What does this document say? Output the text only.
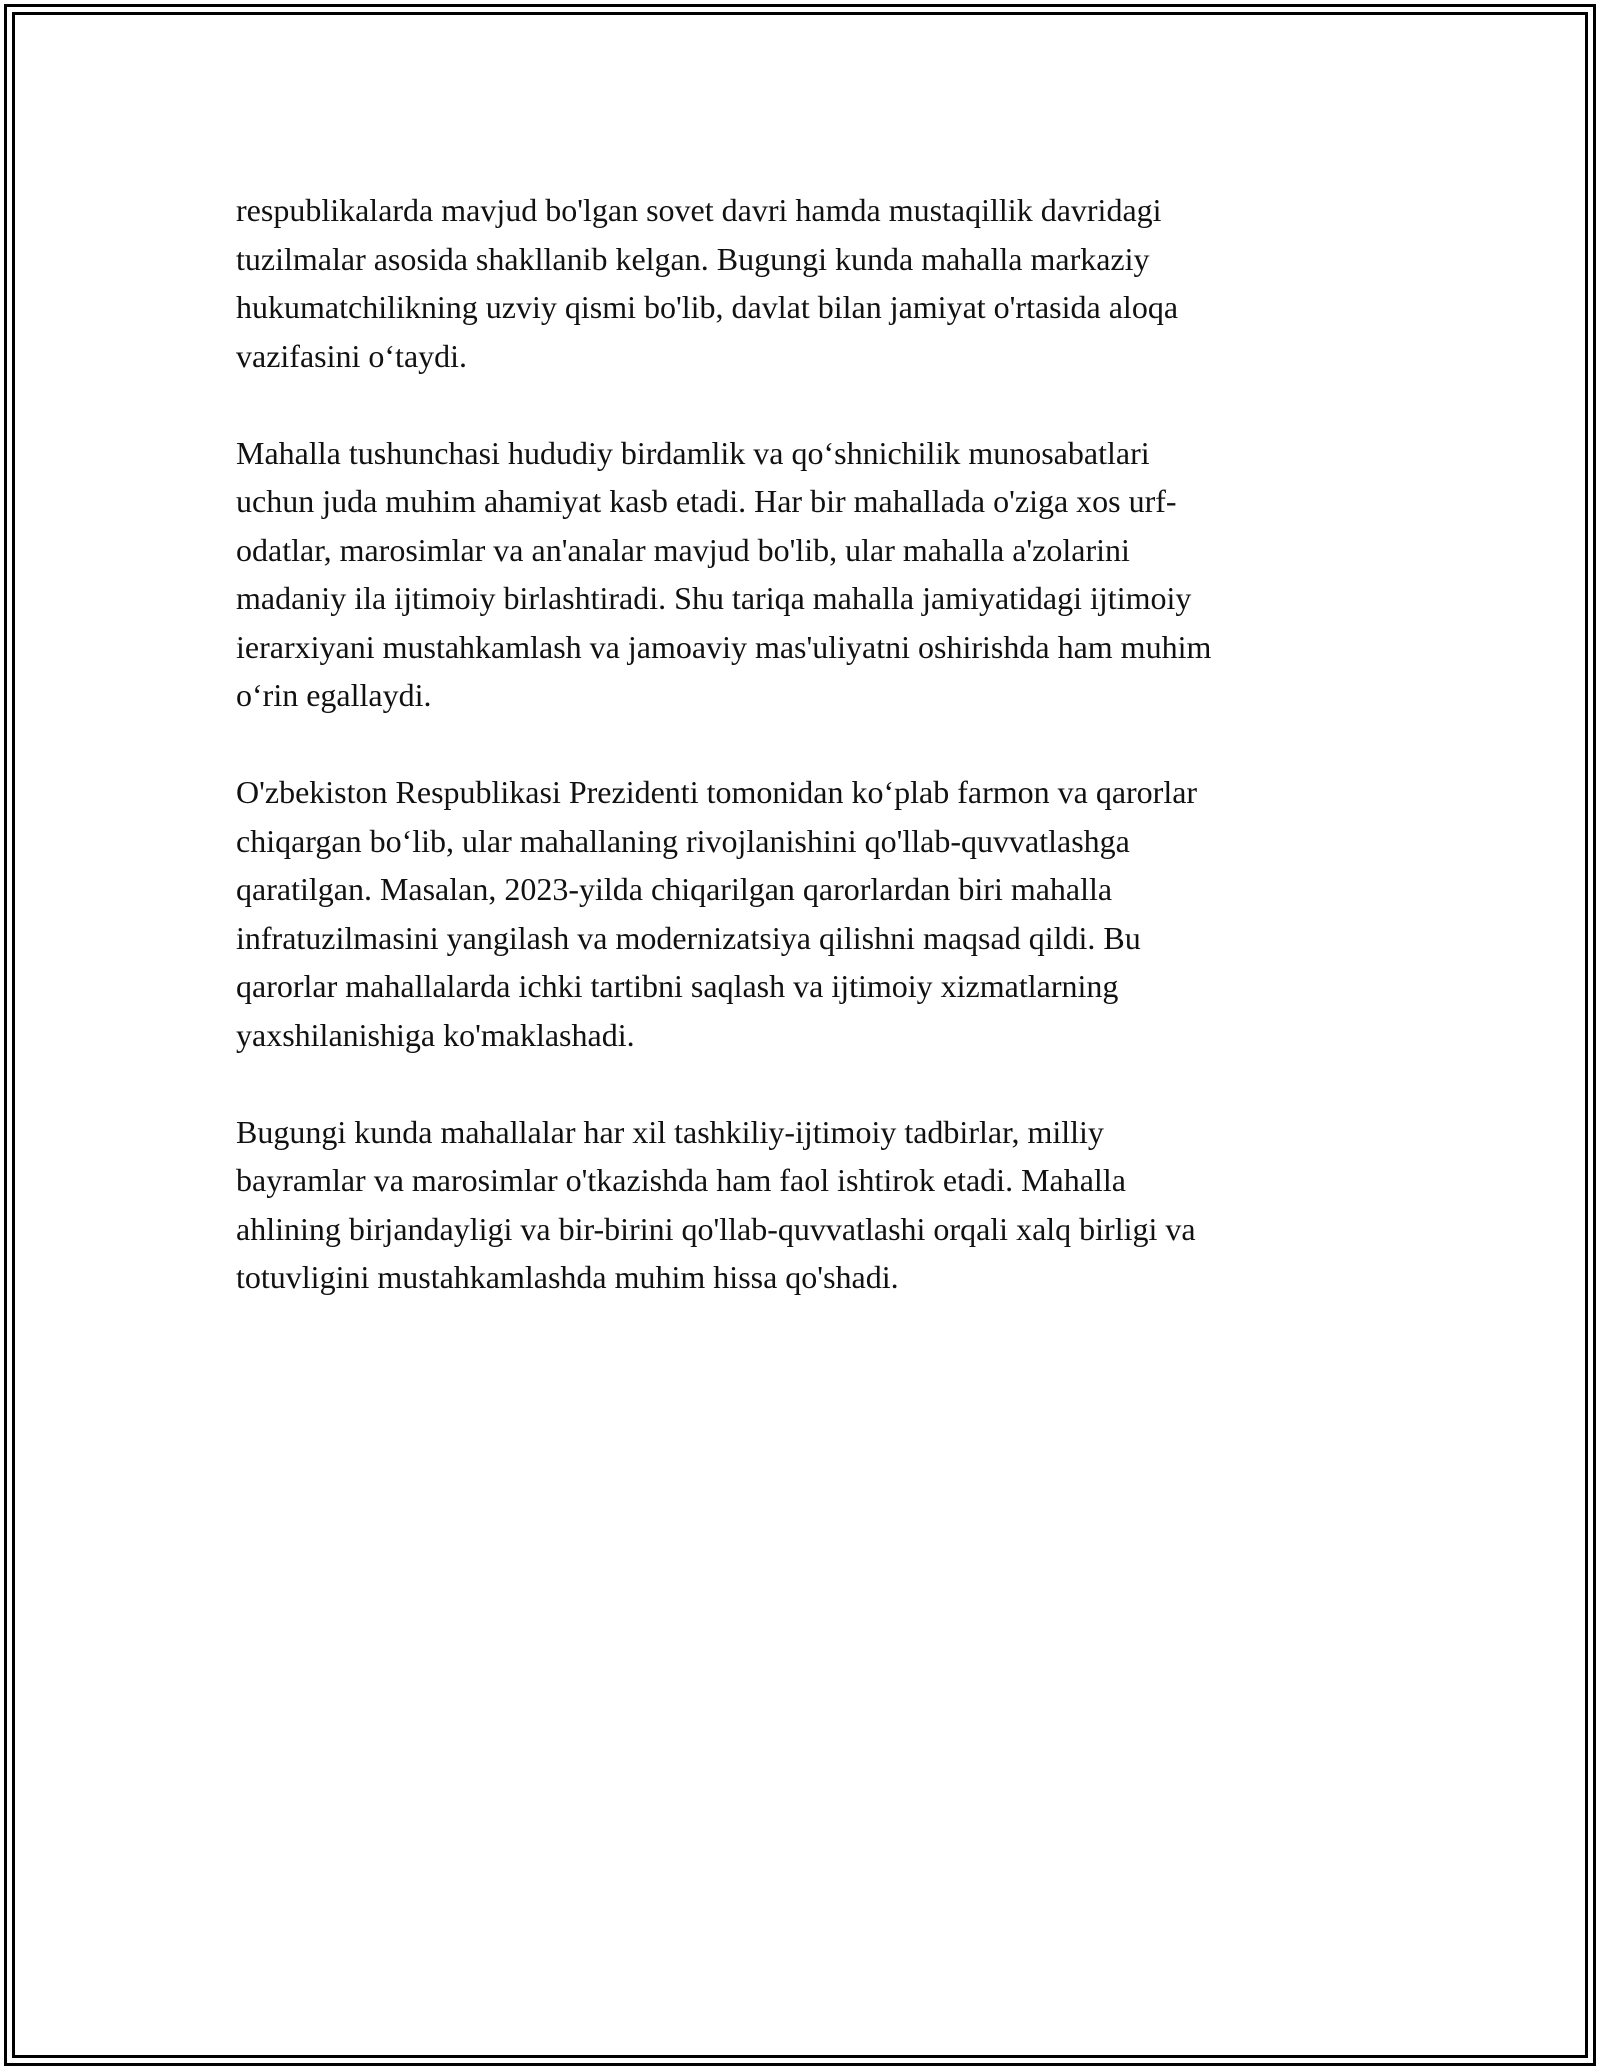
respublikalarda mavjud bo'lgan sovet davri hamda mustaqillik davridagi
tuzilmalar asosida shakllanib kelgan. Bugungi kunda mahalla markaziy
hukumatchilikning uzviy qismi bo'lib, davlat bilan jamiyat o'rtasida aloqa
vazifasini o‘taydi.

Mahalla tushunchasi hududiy birdamlik va qo‘shnichilik munosabatlari
uchun juda muhim ahamiyat kasb etadi. Har bir mahallada o'ziga xos urf-
odatlar, marosimlar va an'analar mavjud bo'lib, ular mahalla a'zolarini
madaniy ila ijtimoiy birlashtiradi. Shu tariqa mahalla jamiyatidagi ijtimoiy
ierarxiyani mustahkamlash va jamoaviy mas'uliyatni oshirishda ham muhim
o‘rin egallaydi.

O'zbekiston Respublikasi Prezidenti tomonidan ko‘plab farmon va qarorlar
chiqargan bo‘lib, ular mahallaning rivojlanishini qo'llab-quvvatlashga
qaratilgan. Masalan, 2023-yilda chiqarilgan qarorlardan biri mahalla
infratuzilmasini yangilash va modernizatsiya qilishni maqsad qildi. Bu
qarorlar mahallalarda ichki tartibni saqlash va ijtimoiy xizmatlarning
yaxshilanishiga ko'maklashadi.

Bugungi kunda mahallalar har xil tashkiliy-ijtimoiy tadbirlar, milliy
bayramlar va marosimlar o'tkazishda ham faol ishtirok etadi. Mahalla
ahlining birjandayligi va bir-birini qo'llab-quvvatlashi orqali xalq birligi va
totuvligini mustahkamlashda muhim hissa qo'shadi.
